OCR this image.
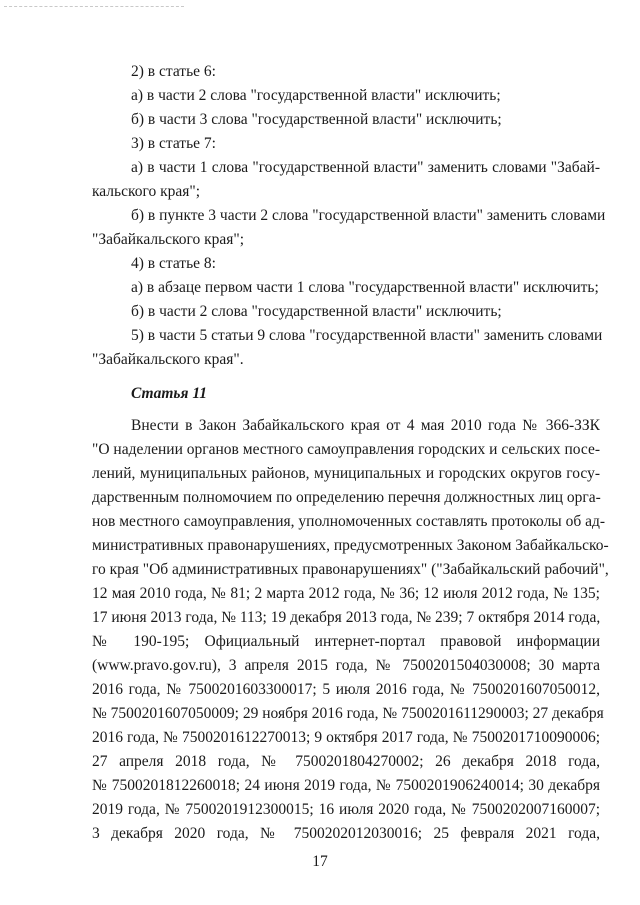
2) в статье 6:
а) в части 2 слова "государственной власти" исключить;
б) в части 3 слова "государственной власти" исключить;
3) в статье 7:
а) в части 1 слова "государственной власти" заменить словами "Забай-
кальского края";
б) в пункте 3 части 2 слова "государственной власти" заменить словами
"Забайкальского края";
4) в статье 8:
а) в абзаце первом части 1 слова "государственной власти" исключить;
б) в части 2 слова "государственной власти" исключить;
5) в части 5 статьи 9 слова "государственной власти" заменить словами
"Забайкальского края".
Статья 11
Внести в Закон Забайкальского края от 4 мая 2010 года № 366-ЗЗК
"О наделении органов местного самоуправления городских и сельских посе-
лений, муниципальных районов, муниципальных и городских округов госу-
дарственным полномочием по определению перечня должностных лиц орга-
нов местного самоуправления, уполномоченных составлять протоколы об ад-
министративных правонарушениях, предусмотренных Законом Забайкальско-
го края "Об административных правонарушениях" ("Забайкальский рабочий",
12 мая 2010 года, № 81; 2 марта 2012 года, № 36; 12 июля 2012 года, № 135;
17 июня 2013 года, № 113; 19 декабря 2013 года, № 239; 7 октября 2014 года,
№ 190-195; Официальный интернет-портал правовой информации
(www.pravo.gov.ru), 3 апреля 2015 года, № 7500201504030008; 30 марта
2016 года, № 7500201603300017; 5 июля 2016 года, № 7500201607050012,
№ 7500201607050009; 29 ноября 2016 года, № 7500201611290003; 27 декабря
2016 года, № 7500201612270013; 9 октября 2017 года, № 7500201710090006;
27 апреля 2018 года, № 7500201804270002; 26 декабря 2018 года,
№ 7500201812260018; 24 июня 2019 года, № 7500201906240014; 30 декабря
2019 года, № 7500201912300015; 16 июля 2020 года, № 7500202007160007;
3 декабря 2020 года, № 7500202012030016; 25 февраля 2021 года,
17
